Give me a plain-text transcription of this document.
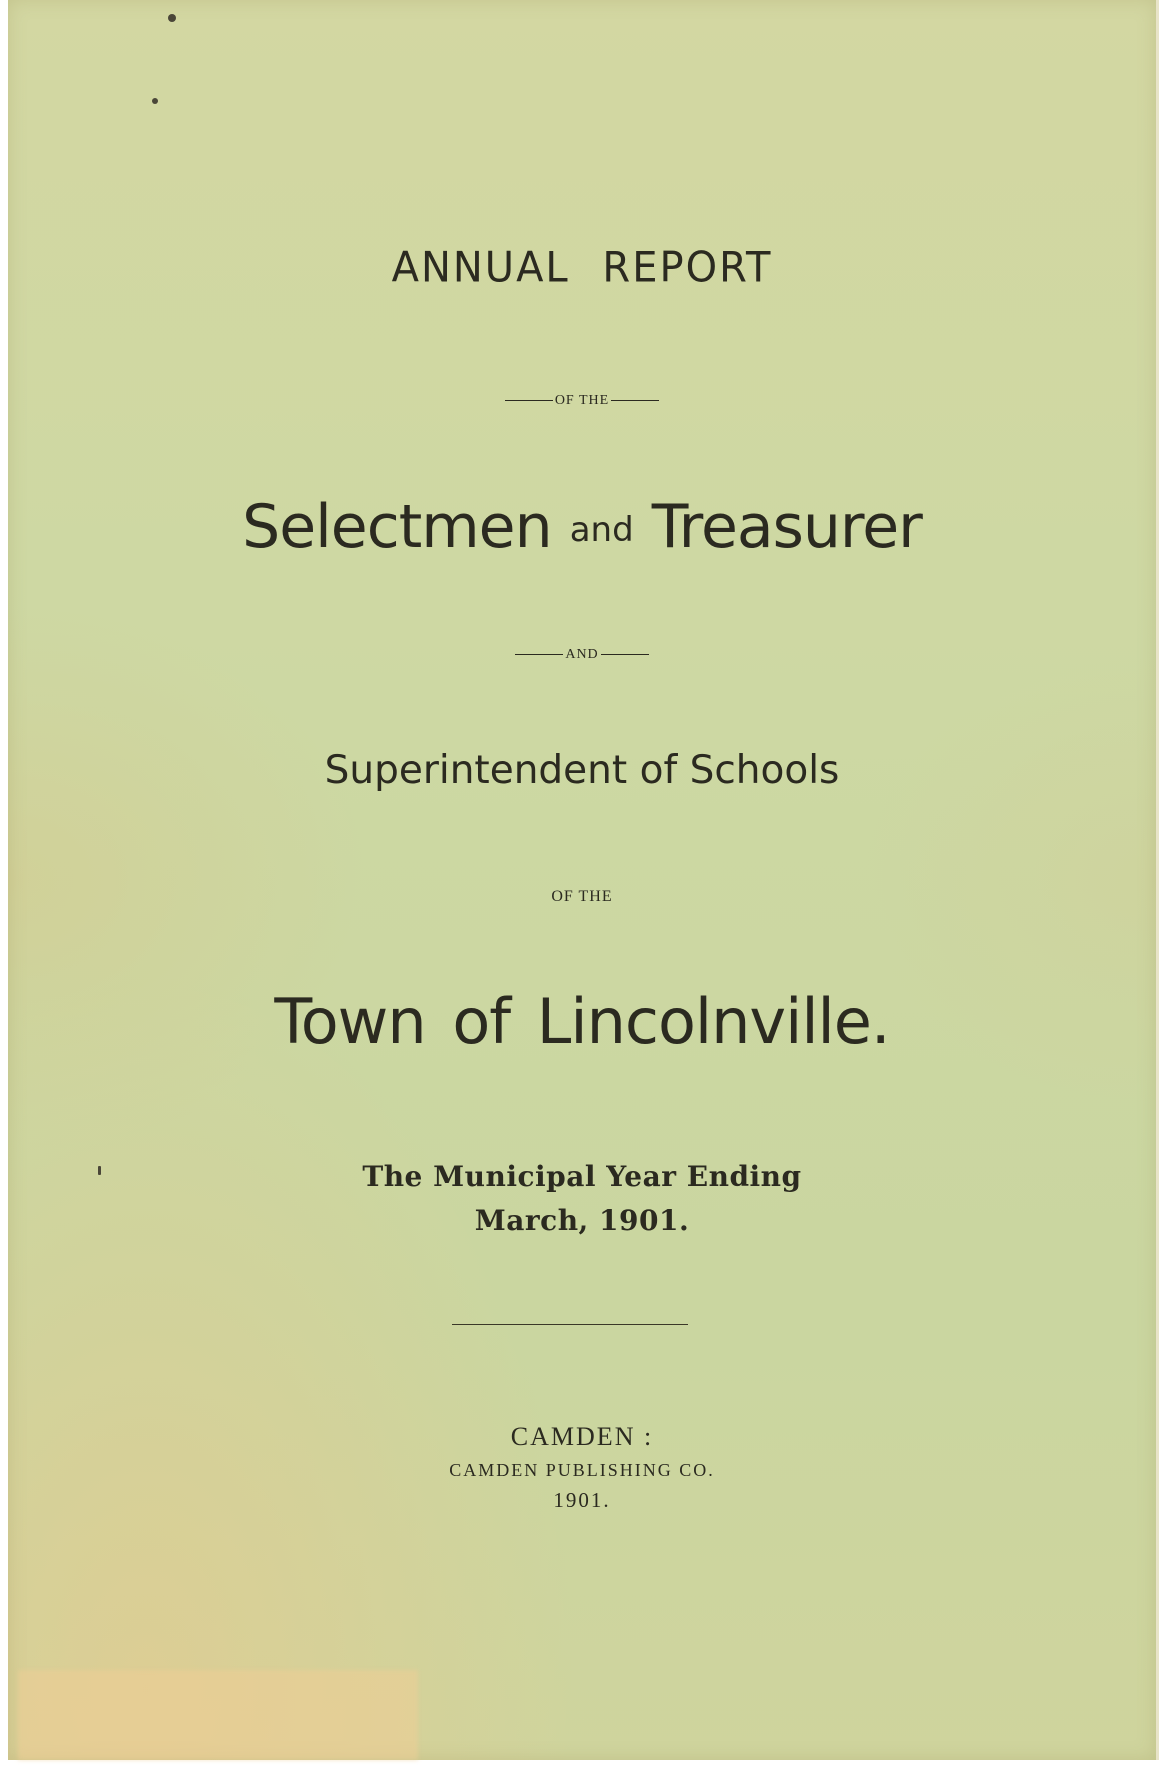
ANNUAL REPORT
OF THE
Selectmen and Treasurer
AND
Superintendent of Schools
OF THE
Town of Lincolnville.
The Municipal Year Ending
March, 1901.
CAMDEN :
CAMDEN PUBLISHING CO.
1901.
